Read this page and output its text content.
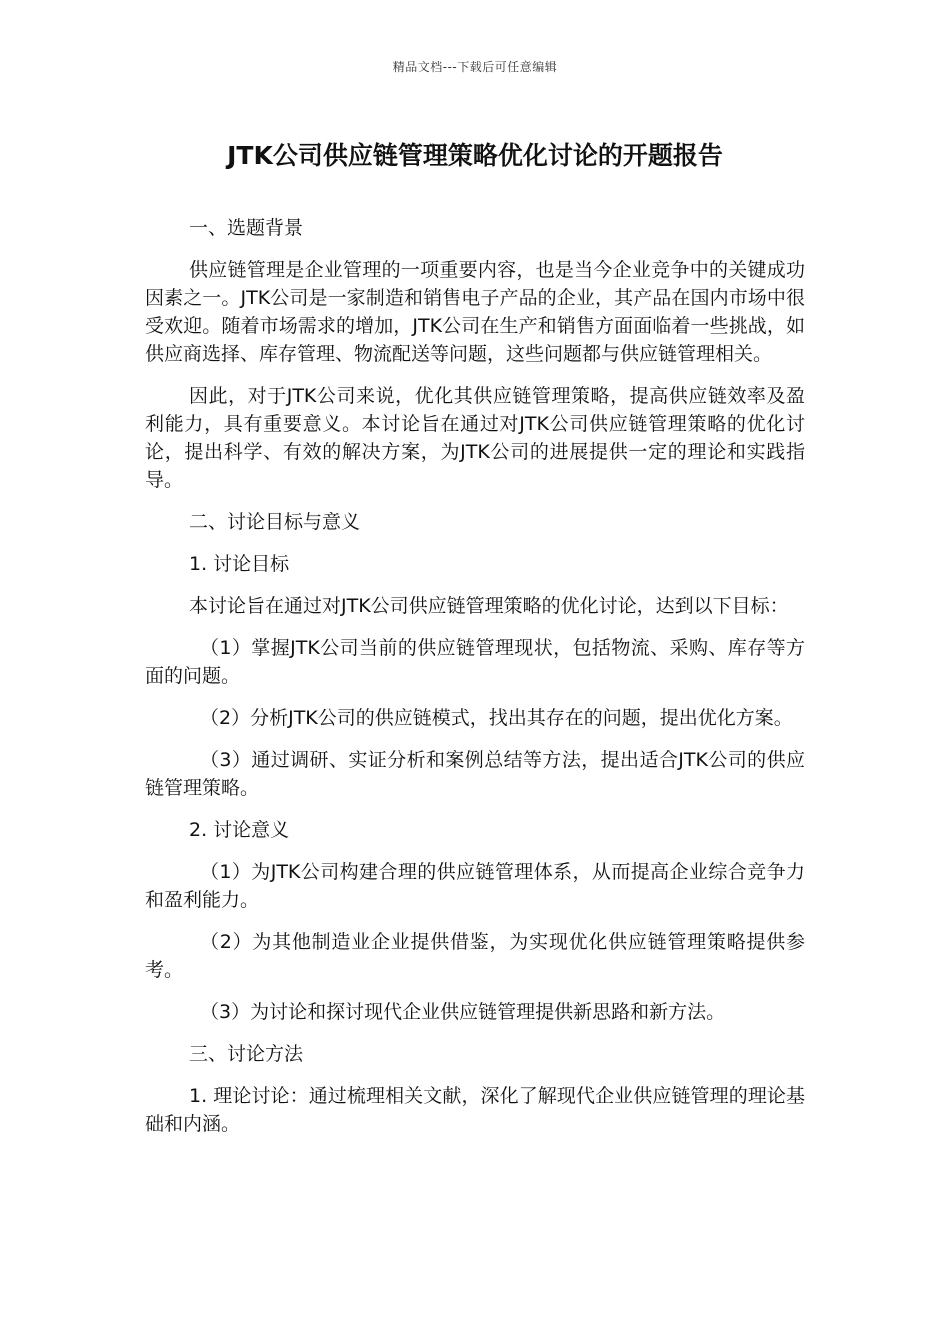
精品文档---下载后可任意编辑
JTK公司供应链管理策略优化讨论的开题报告

一、选题背景

供应链管理是企业管理的一项重要内容，也是当今企业竞争中的关键成功因素之一。JTK公司是一家制造和销售电子产品的企业，其产品在国内市场中很受欢迎。随着市场需求的增加，JTK公司在生产和销售方面面临着一些挑战，如供应商选择、库存管理、物流配送等问题，这些问题都与供应链管理相关。

因此，对于JTK公司来说，优化其供应链管理策略，提高供应链效率及盈利能力，具有重要意义。本讨论旨在通过对JTK公司供应链管理策略的优化讨论，提出科学、有效的解决方案，为JTK公司的进展提供一定的理论和实践指导。

二、讨论目标与意义

1. 讨论目标

本讨论旨在通过对JTK公司供应链管理策略的优化讨论，达到以下目标：

（1）掌握JTK公司当前的供应链管理现状，包括物流、采购、库存等方面的问题。

（2）分析JTK公司的供应链模式，找出其存在的问题，提出优化方案。

（3）通过调研、实证分析和案例总结等方法，提出适合JTK公司的供应链管理策略。

2. 讨论意义

（1）为JTK公司构建合理的供应链管理体系，从而提高企业综合竞争力和盈利能力。

（2）为其他制造业企业提供借鉴，为实现优化供应链管理策略提供参考。

（3）为讨论和探讨现代企业供应链管理提供新思路和新方法。

三、讨论方法

1. 理论讨论：通过梳理相关文献，深化了解现代企业供应链管理的理论基础和内涵。
